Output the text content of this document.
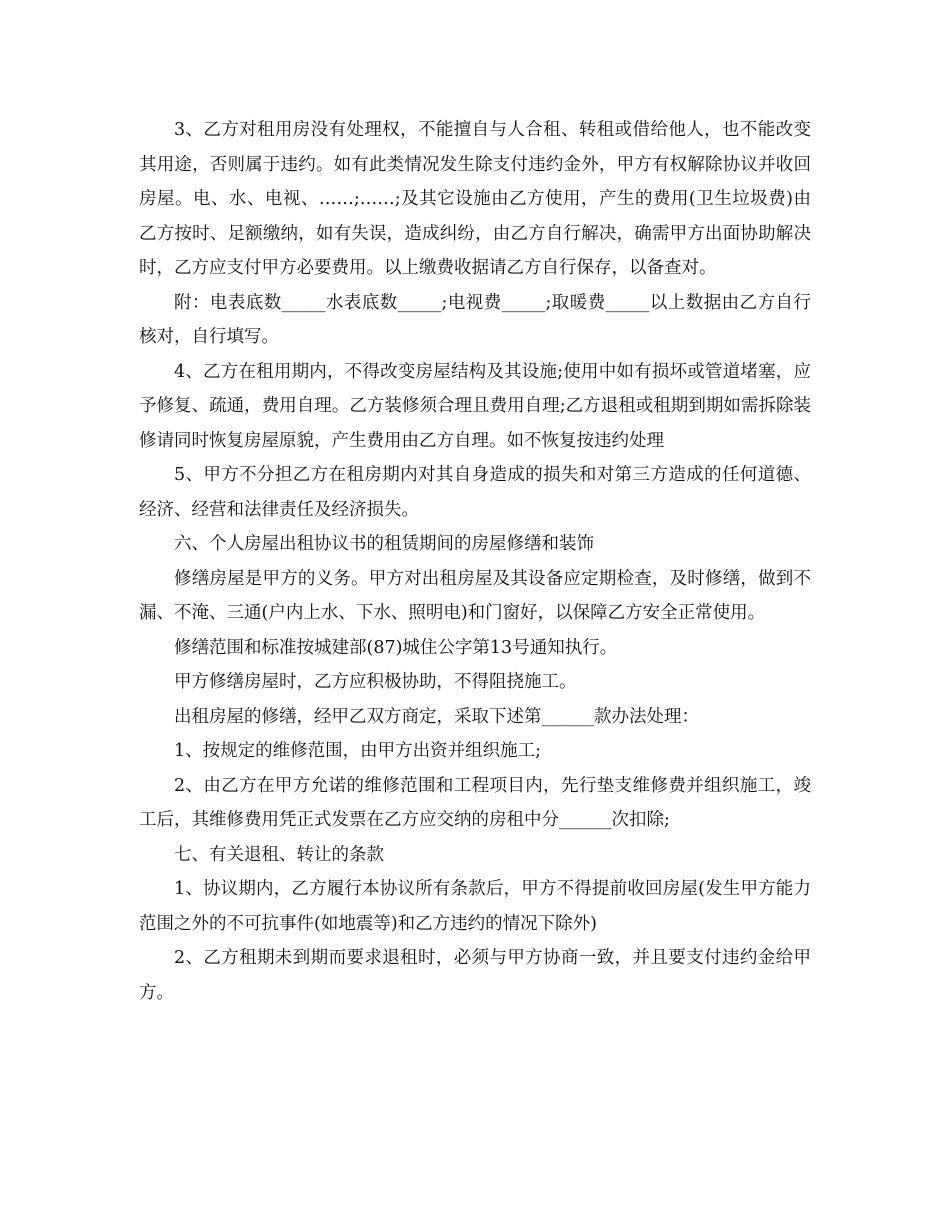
3、乙方对租用房没有处理权，不能擅自与人合租、转租或借给他人，也不能改变其用途，否则属于违约。如有此类情况发生除支付违约金外，甲方有权解除协议并收回房屋。电、水、电视、……;……;及其它设施由乙方使用，产生的费用(卫生垃圾费)由乙方按时、足额缴纳，如有失误，造成纠纷，由乙方自行解决，确需甲方出面协助解决时，乙方应支付甲方必要费用。以上缴费收据请乙方自行保存，以备查对。

附：电表底数_____水表底数_____;电视费_____;取暖费_____以上数据由乙方自行核对，自行填写。

4、乙方在租用期内，不得改变房屋结构及其设施;使用中如有损坏或管道堵塞，应予修复、疏通，费用自理。乙方装修须合理且费用自理;乙方退租或租期到期如需拆除装修请同时恢复房屋原貌，产生费用由乙方自理。如不恢复按违约处理

5、甲方不分担乙方在租房期内对其自身造成的损失和对第三方造成的任何道德、经济、经营和法律责任及经济损失。

六、个人房屋出租协议书的租赁期间的房屋修缮和装饰

修缮房屋是甲方的义务。甲方对出租房屋及其设备应定期检查，及时修缮，做到不漏、不淹、三通(户内上水、下水、照明电)和门窗好，以保障乙方安全正常使用。

修缮范围和标准按城建部(87)城住公字第13号通知执行。

甲方修缮房屋时，乙方应积极协助，不得阻挠施工。

出租房屋的修缮，经甲乙双方商定，采取下述第______款办法处理：

1、按规定的维修范围，由甲方出资并组织施工;

2、由乙方在甲方允诺的维修范围和工程项目内，先行垫支维修费并组织施工，竣工后，其维修费用凭正式发票在乙方应交纳的房租中分______次扣除;

七、有关退租、转让的条款

1、协议期内，乙方履行本协议所有条款后，甲方不得提前收回房屋(发生甲方能力范围之外的不可抗事件(如地震等)和乙方违约的情况下除外)

2、乙方租期未到期而要求退租时，必须与甲方协商一致，并且要支付违约金给甲方。
